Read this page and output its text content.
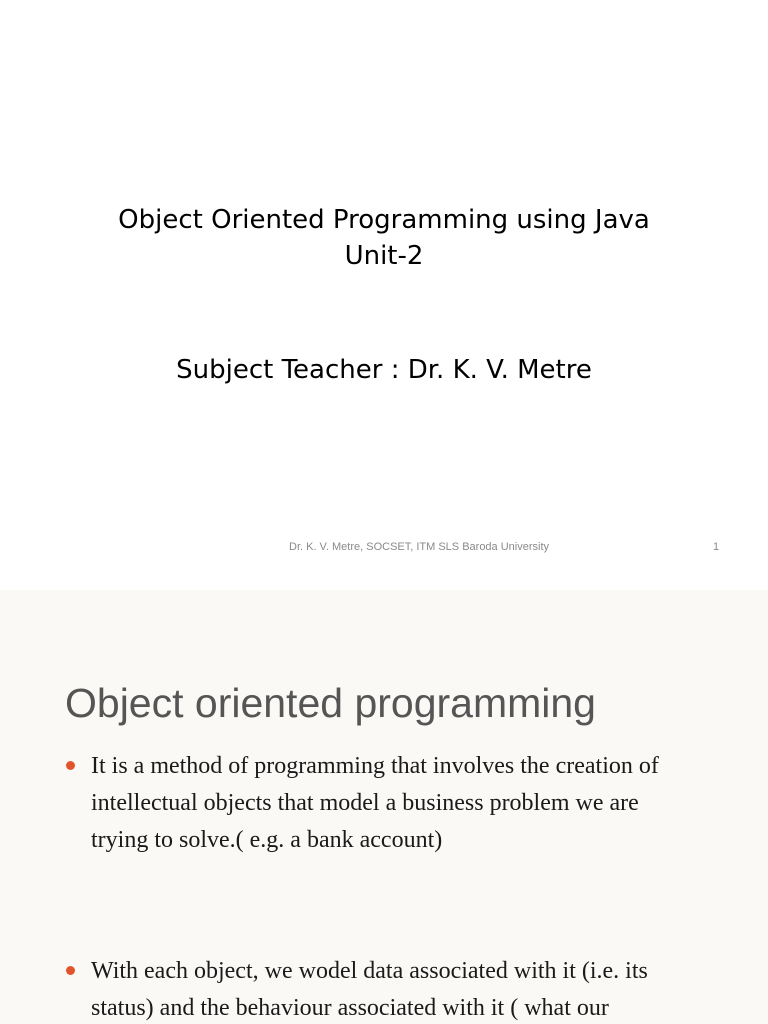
Object Oriented Programming using Java
Unit-2
Subject Teacher : Dr. K. V. Metre
Dr. K. V. Metre, SOCSET, ITM SLS Baroda University	1
Object oriented programming
It is a method of programming that involves the creation of
intellectual objects that model a business problem we are
trying to solve.( e.g. a bank account)
With each object, we wodel data associated with it (i.e. its
status) and the behaviour associated with it ( what our
